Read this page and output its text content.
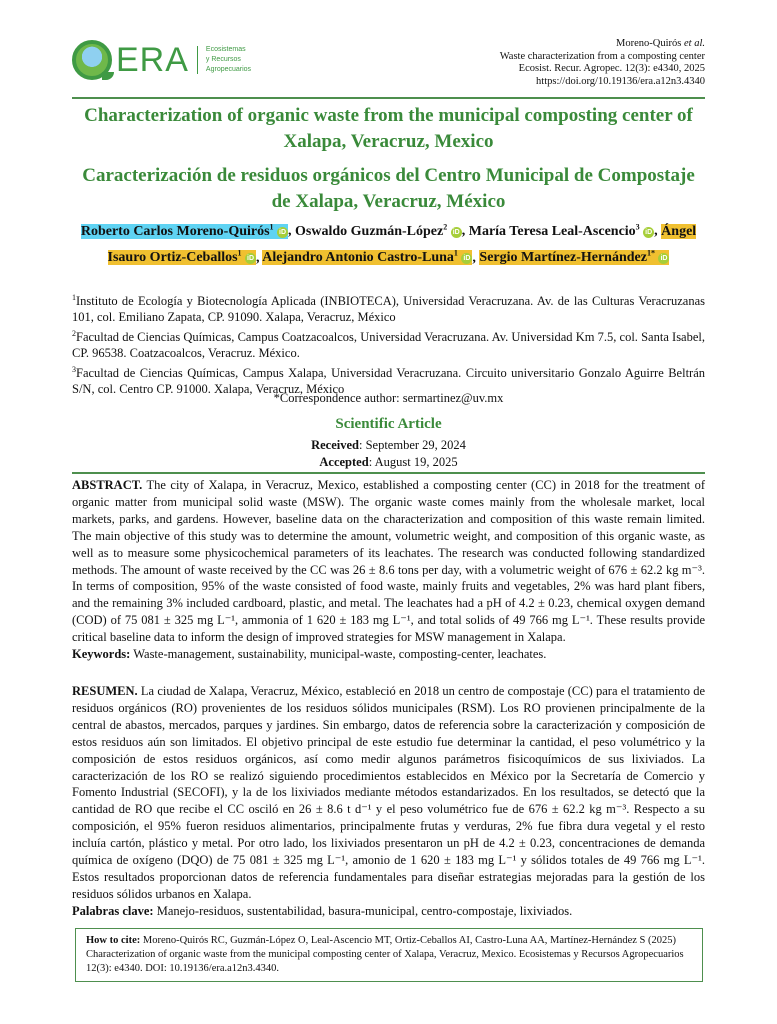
ERA Ecosistemas
y Recursos
Agropecuarios
Moreno-Quirós et al.
Waste characterization from a composting center
Ecosist. Recur. Agropec. 12(3): e4340, 2025
https://doi.org/10.19136/era.a12n3.4340
Characterization of organic waste from the municipal composting center of Xalapa, Veracruz, Mexico
Caracterización de residuos orgánicos del Centro Municipal de Compostaje de Xalapa, Veracruz, México
Roberto Carlos Moreno-Quirós$^1$ iD , Oswaldo Guzmán-López$^2$ iD , María Teresa Leal-Ascencio$^3$ iD , Ángel Isauro Ortiz-Ceballos$^1$ iD , Alejandro Antonio Castro-Luna$^1$ iD , Sergio Martínez-Hernández$^{1*}$ iD

$^1$Instituto de Ecología y Biotecnología Aplicada (INBIOTECA), Universidad Veracruzana. Av. de las Culturas Veracruzanas 101, col. Emiliano Zapata, CP. 91090. Xalapa, Veracruz, México

$^2$Facultad de Ciencias Químicas, Campus Coatzacoalcos, Universidad Veracruzana. Av. Universidad Km 7.5, col. Santa Isabel, CP. 96538. Coatzacoalcos, Veracruz. México.

$^3$Facultad de Ciencias Químicas, Campus Xalapa, Universidad Veracruzana. Circuito universitario Gonzalo Aguirre Beltrán S/N, col. Centro CP. 91000. Xalapa, Veracruz, México

*Correspondence author: sermartinez@uv.mx
Scientific Article
Received: September 29, 2024
Accepted: August 19, 2025

ABSTRACT. The city of Xalapa, in Veracruz, Mexico, established a composting center (CC) in 2018 for the treatment of organic matter from municipal solid waste (MSW). The organic waste comes mainly from the wholesale market, local markets, parks, and gardens. However, baseline data on the characterization and composition of this waste remain limited. The main objective of this study was to determine the amount, volumetric weight, and composition of this organic waste, as well as to measure some physicochemical parameters of its leachates. The research was conducted following standardized methods. The amount of waste received by the CC was 26 ± 8.6 tons per day, with a volumetric weight of 676 ± 62.2 kg m⁻³. In terms of composition, 95% of the waste consisted of food waste, mainly fruits and vegetables, 2% was hard plant fibers, and the remaining 3% included cardboard, plastic, and metal. The leachates had a pH of 4.2 ± 0.23, chemical oxygen demand (COD) of 75 081 ± 325 mg L⁻¹, ammonia of 1 620 ± 183 mg L⁻¹, and total solids of 49 766 mg L⁻¹. These results provide critical baseline data to inform the design of improved strategies for MSW management in Xalapa.

Keywords: Waste-management, sustainability, municipal-waste, composting-center, leachates.

RESUMEN. La ciudad de Xalapa, Veracruz, México, estableció en 2018 un centro de compostaje (CC) para el tratamiento de residuos orgánicos (RO) provenientes de los residuos sólidos municipales (RSM). Los RO provienen principalmente de la central de abastos, mercados, parques y jardines. Sin embargo, datos de referencia sobre la caracterización y composición de estos residuos aún son limitados. El objetivo principal de este estudio fue determinar la cantidad, el peso volumétrico y la composición de estos residuos orgánicos, así como medir algunos parámetros fisicoquímicos de sus lixiviados. La caracterización de los RO se realizó siguiendo procedimientos establecidos en México por la Secretaría de Comercio y Fomento Industrial (SECOFI), y la de los lixiviados mediante métodos estandarizados. En los resultados, se detectó que la cantidad de RO que recibe el CC osciló en 26 ± 8.6 t d⁻¹ y el peso volumétrico fue de 676 ± 62.2 kg m⁻³. Respecto a su composición, el 95% fueron residuos alimentarios, principalmente frutas y verduras, 2% fue fibra dura vegetal y el resto incluía cartón, plástico y metal. Por otro lado, los lixiviados presentaron un pH de 4.2 ± 0.23, concentraciones de demanda química de oxígeno (DQO) de 75 081 ± 325 mg L⁻¹, amonio de 1 620 ± 183 mg L⁻¹ y sólidos totales de 49 766 mg L⁻¹. Estos resultados proporcionan datos de referencia fundamentales para diseñar estrategias mejoradas para la gestión de los residuos sólidos urbanos en Xalapa.

Palabras clave: Manejo-residuos, sustentabilidad, basura-municipal, centro-compostaje, lixiviados.

How to cite: Moreno-Quirós RC, Guzmán-López O, Leal-Ascencio MT, Ortiz-Ceballos AI, Castro-Luna AA, Martínez-Hernández S (2025) Characterization of organic waste from the municipal composting center of Xalapa, Veracruz, Mexico. Ecosistemas y Recursos Agropecuarios 12(3): e4340. DOI: 10.19136/era.a12n3.4340.
